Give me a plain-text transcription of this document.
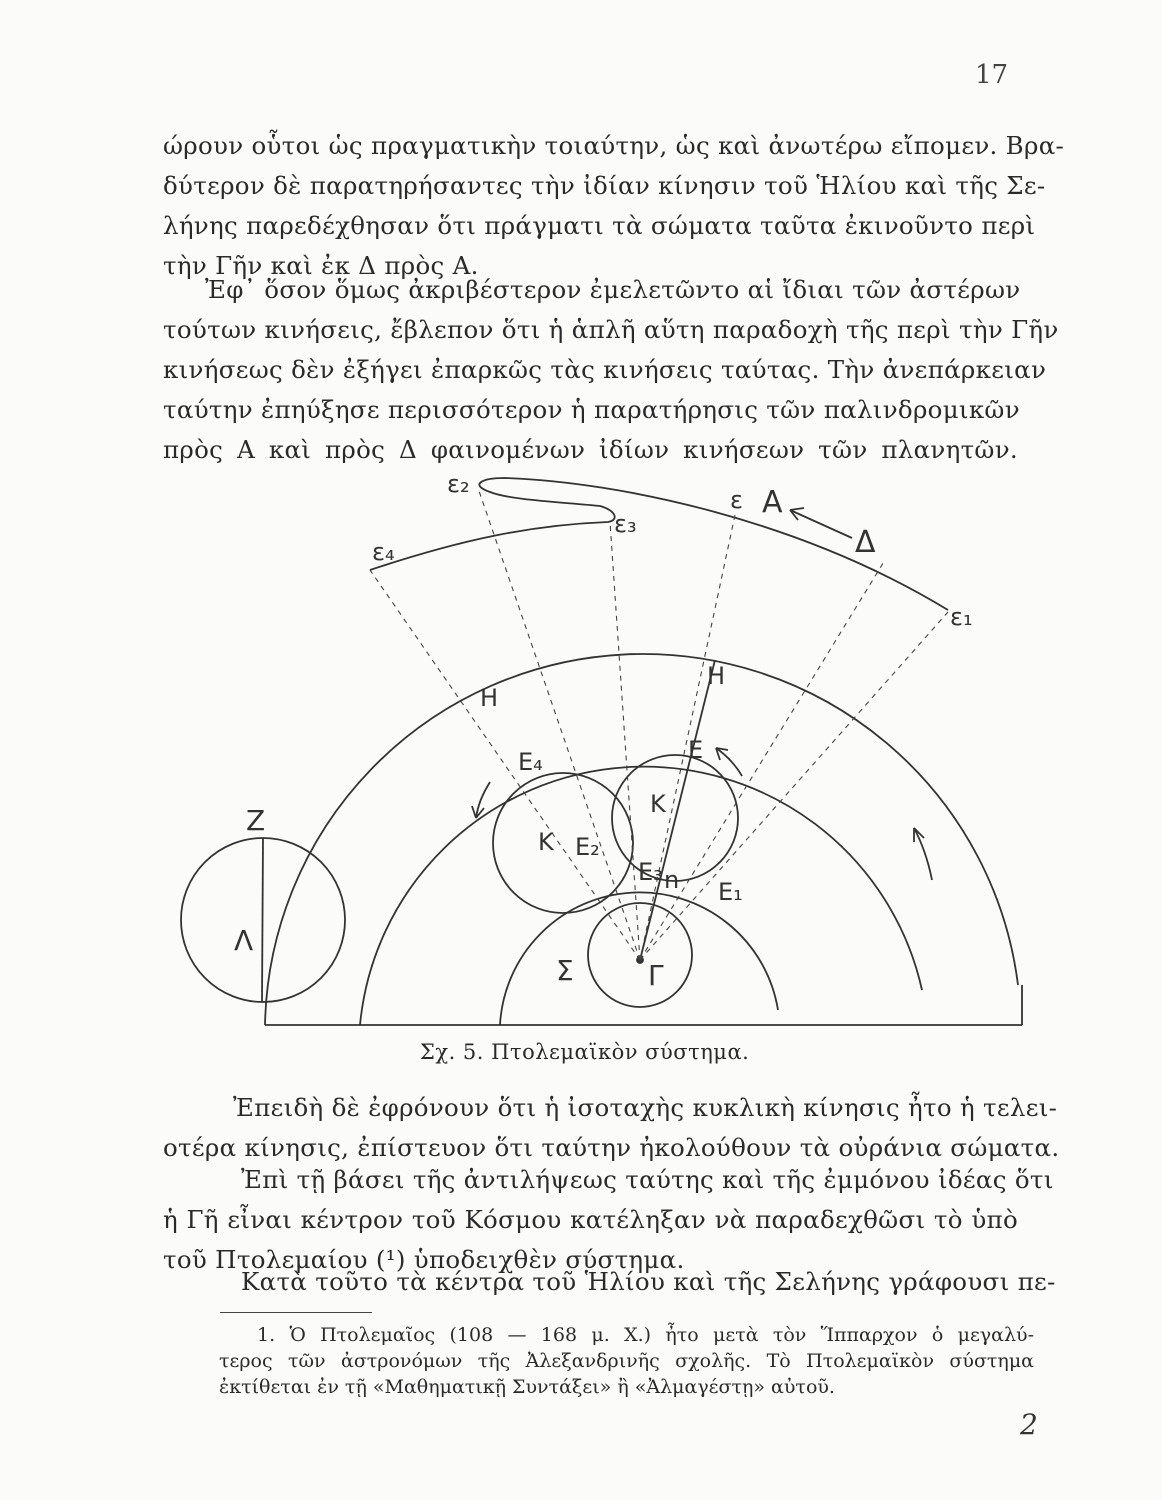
17
ώρουν οὗτοι ὡς πραγματικὴν τοιαύτην, ὡς καὶ ἀνωτέρω εἴπομεν. Βρα-
δύτερον δὲ παρατηρήσαντες τὴν ἰδίαν κίνησιν τοῦ Ἡλίου καὶ τῆς Σε-
λήνης παρεδέχθησαν ὅτι πράγματι τὰ σώματα ταῦτα ἐκινοῦντο περὶ
τὴν Γῆν καὶ ἐκ Δ πρὸς Α.
Ἐφ᾽ ὅσον ὅμως ἀκριβέστερον ἐμελετῶντο αἱ ἴδιαι τῶν ἀστέρων
τούτων κινήσεις, ἔβλεπον ὅτι ἡ ἁπλῆ αὕτη παραδοχὴ τῆς περὶ τὴν Γῆν
κινήσεως δὲν ἐξήγει ἐπαρκῶς τὰς κινήσεις ταύτας. Τὴν ἀνεπάρκειαν
ταύτην ἐπηύξησε περισσότερον ἡ παρατήρησις τῶν παλινδρομικῶν
πρὸς Α καὶ πρὸς Δ φαινομένων ἰδίων κινήσεων τῶν πλανητῶν.
ε₂
ε₃
ε₄
ε
ε₁
A
Δ
H
H
E
E₄
E₂
E₃
E₁
K
K
n
Z
Λ
Σ	Γ
Σχ. 5. Πτολεμαϊκὸν σύστημα.
Ἐπειδὴ δὲ ἐφρόνουν ὅτι ἡ ἰσοταχὴς κυκλικὴ κίνησις ἦτο ἡ τελει-
οτέρα κίνησις, ἐπίστευον ὅτι ταύτην ἠκολούθουν τὰ οὐράνια σώματα.
Ἐπὶ τῇ βάσει τῆς ἀντιλήψεως ταύτης καὶ τῆς ἐμμόνου ἰδέας ὅτι
ἡ Γῆ εἶναι κέντρον τοῦ Κόσμου κατέληξαν νὰ παραδεχθῶσι τὸ ὑπὸ
τοῦ Πτολεμαίου (¹) ὑποδειχθὲν σύστημα.
Κατὰ τοῦτο τὰ κέντρα τοῦ Ἡλίου καὶ τῆς Σελήνης γράφουσι πε-
1. Ὁ Πτολεμαῖος (108 — 168 μ. Χ.) ἦτο μετὰ τὸν Ἵππαρχον ὁ μεγαλύ-
τερος τῶν ἀστρονόμων τῆς Ἀλεξανδρινῆς σχολῆς. Τὸ Πτολεμαϊκὸν σύστημα
ἐκτίθεται ἐν τῇ «Μαθηματικῇ Συντάξει» ἢ «Ἀλμαγέστῃ» αὐτοῦ.
2
